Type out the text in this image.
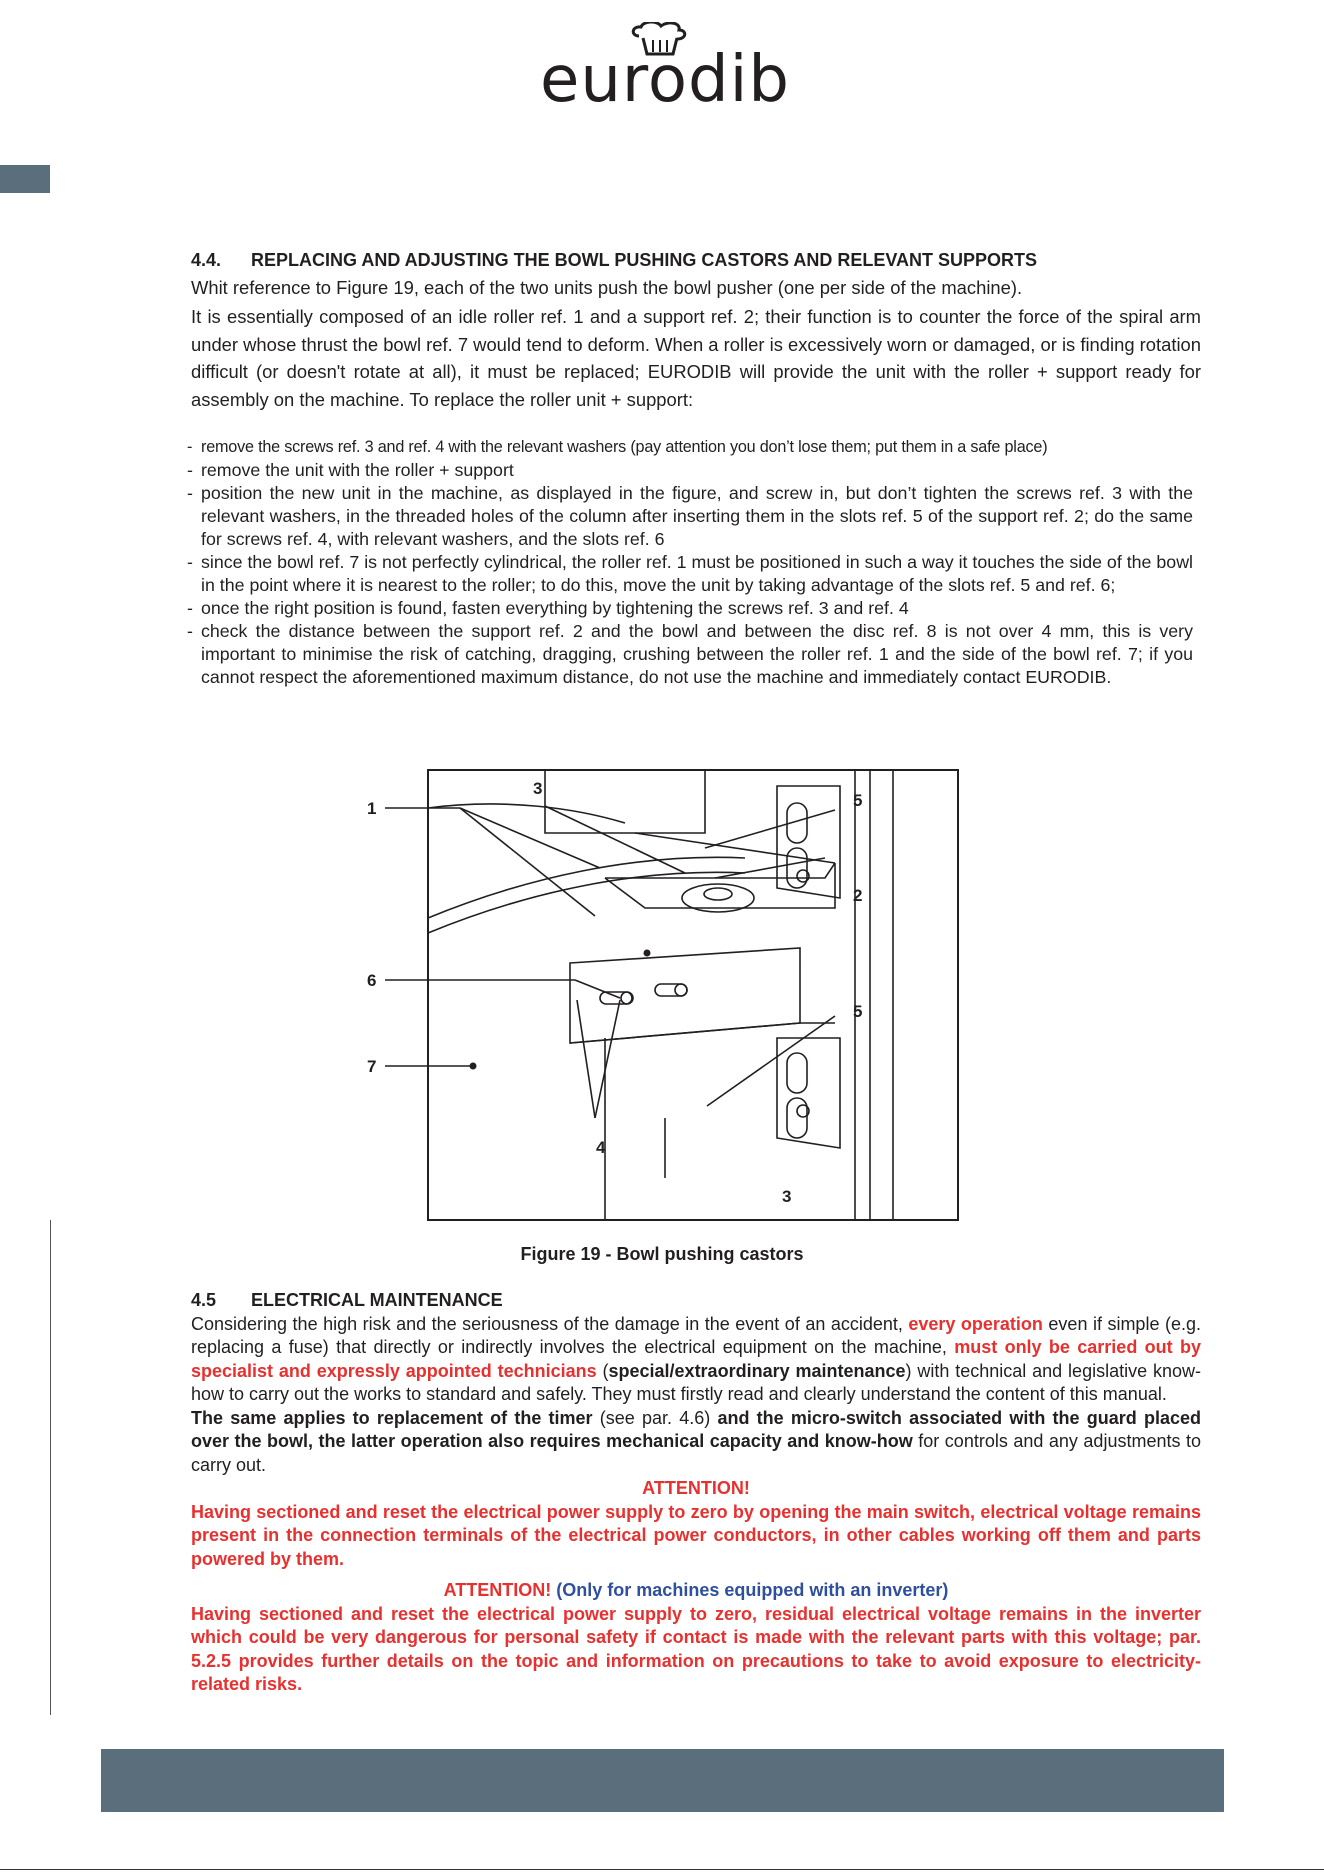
eurodib
4.4. REPLACING AND ADJUSTING THE BOWL PUSHING CASTORS AND RELEVANT SUPPORTS

Whit reference to Figure 19, each of the two units push the bowl pusher (one per side of the machine).

It is essentially composed of an idle roller ref. 1 and a support ref. 2; their function is to counter the force of the spiral arm under whose thrust the bowl ref. 7 would tend to deform. When a roller is excessively worn or damaged, or is finding rotation difficult (or doesn't rotate at all), it must be replaced; EURODIB will provide the unit with the roller + support ready for assembly on the machine. To replace the roller unit + support:

- remove the screws ref. 3 and ref. 4 with the relevant washers (pay attention you don’t lose them; put them in a safe place)
- remove the unit with the roller + support
- position the new unit in the machine, as displayed in the figure, and screw in, but don’t tighten the screws ref. 3 with the relevant washers, in the threaded holes of the column after inserting them in the slots ref. 5 of the support ref. 2; do the same for screws ref. 4, with relevant washers, and the slots ref. 6
- since the bowl ref. 7 is not perfectly cylindrical, the roller ref. 1 must be positioned in such a way it touches the side of the bowl in the point where it is nearest to the roller; to do this, move the unit by taking advantage of the slots ref. 5 and ref. 6;
- once the right position is found, fasten everything by tightening the screws ref. 3 and ref. 4
- check the distance between the support ref. 2 and the bowl and between the disc ref. 8 is not over 4 mm, this is very important to minimise the risk of catching, dragging, crushing between the roller ref. 1 and the side of the bowl ref. 7; if you cannot respect the aforementioned maximum distance, do not use the machine and immediately contact EURODIB.
1
3
5
2
6
5
7
4
3
Figure 19 - Bowl pushing castors
4.5 ELECTRICAL MAINTENANCE

Considering the high risk and the seriousness of the damage in the event of an accident, every operation even if simple (e.g. replacing a fuse) that directly or indirectly involves the electrical equipment on the machine, must only be carried out by specialist and expressly appointed technicians (special/extraordinary maintenance) with technical and legislative know-how to carry out the works to standard and safely. They must firstly read and clearly understand the content of this manual.

The same applies to replacement of the timer (see par. 4.6) and the micro-switch associated with the guard placed over the bowl, the latter operation also requires mechanical capacity and know-how for controls and any adjustments to carry out.

ATTENTION!

Having sectioned and reset the electrical power supply to zero by opening the main switch, electrical voltage remains present in the connection terminals of the electrical power conductors, in other cables working off them and parts powered by them.

ATTENTION! (Only for machines equipped with an inverter)

Having sectioned and reset the electrical power supply to zero, residual electrical voltage remains in the inverter which could be very dangerous for personal safety if contact is made with the relevant parts with this voltage; par. 5.2.5 provides further details on the topic and information on precautions to take to avoid exposure to electricity-related risks.
